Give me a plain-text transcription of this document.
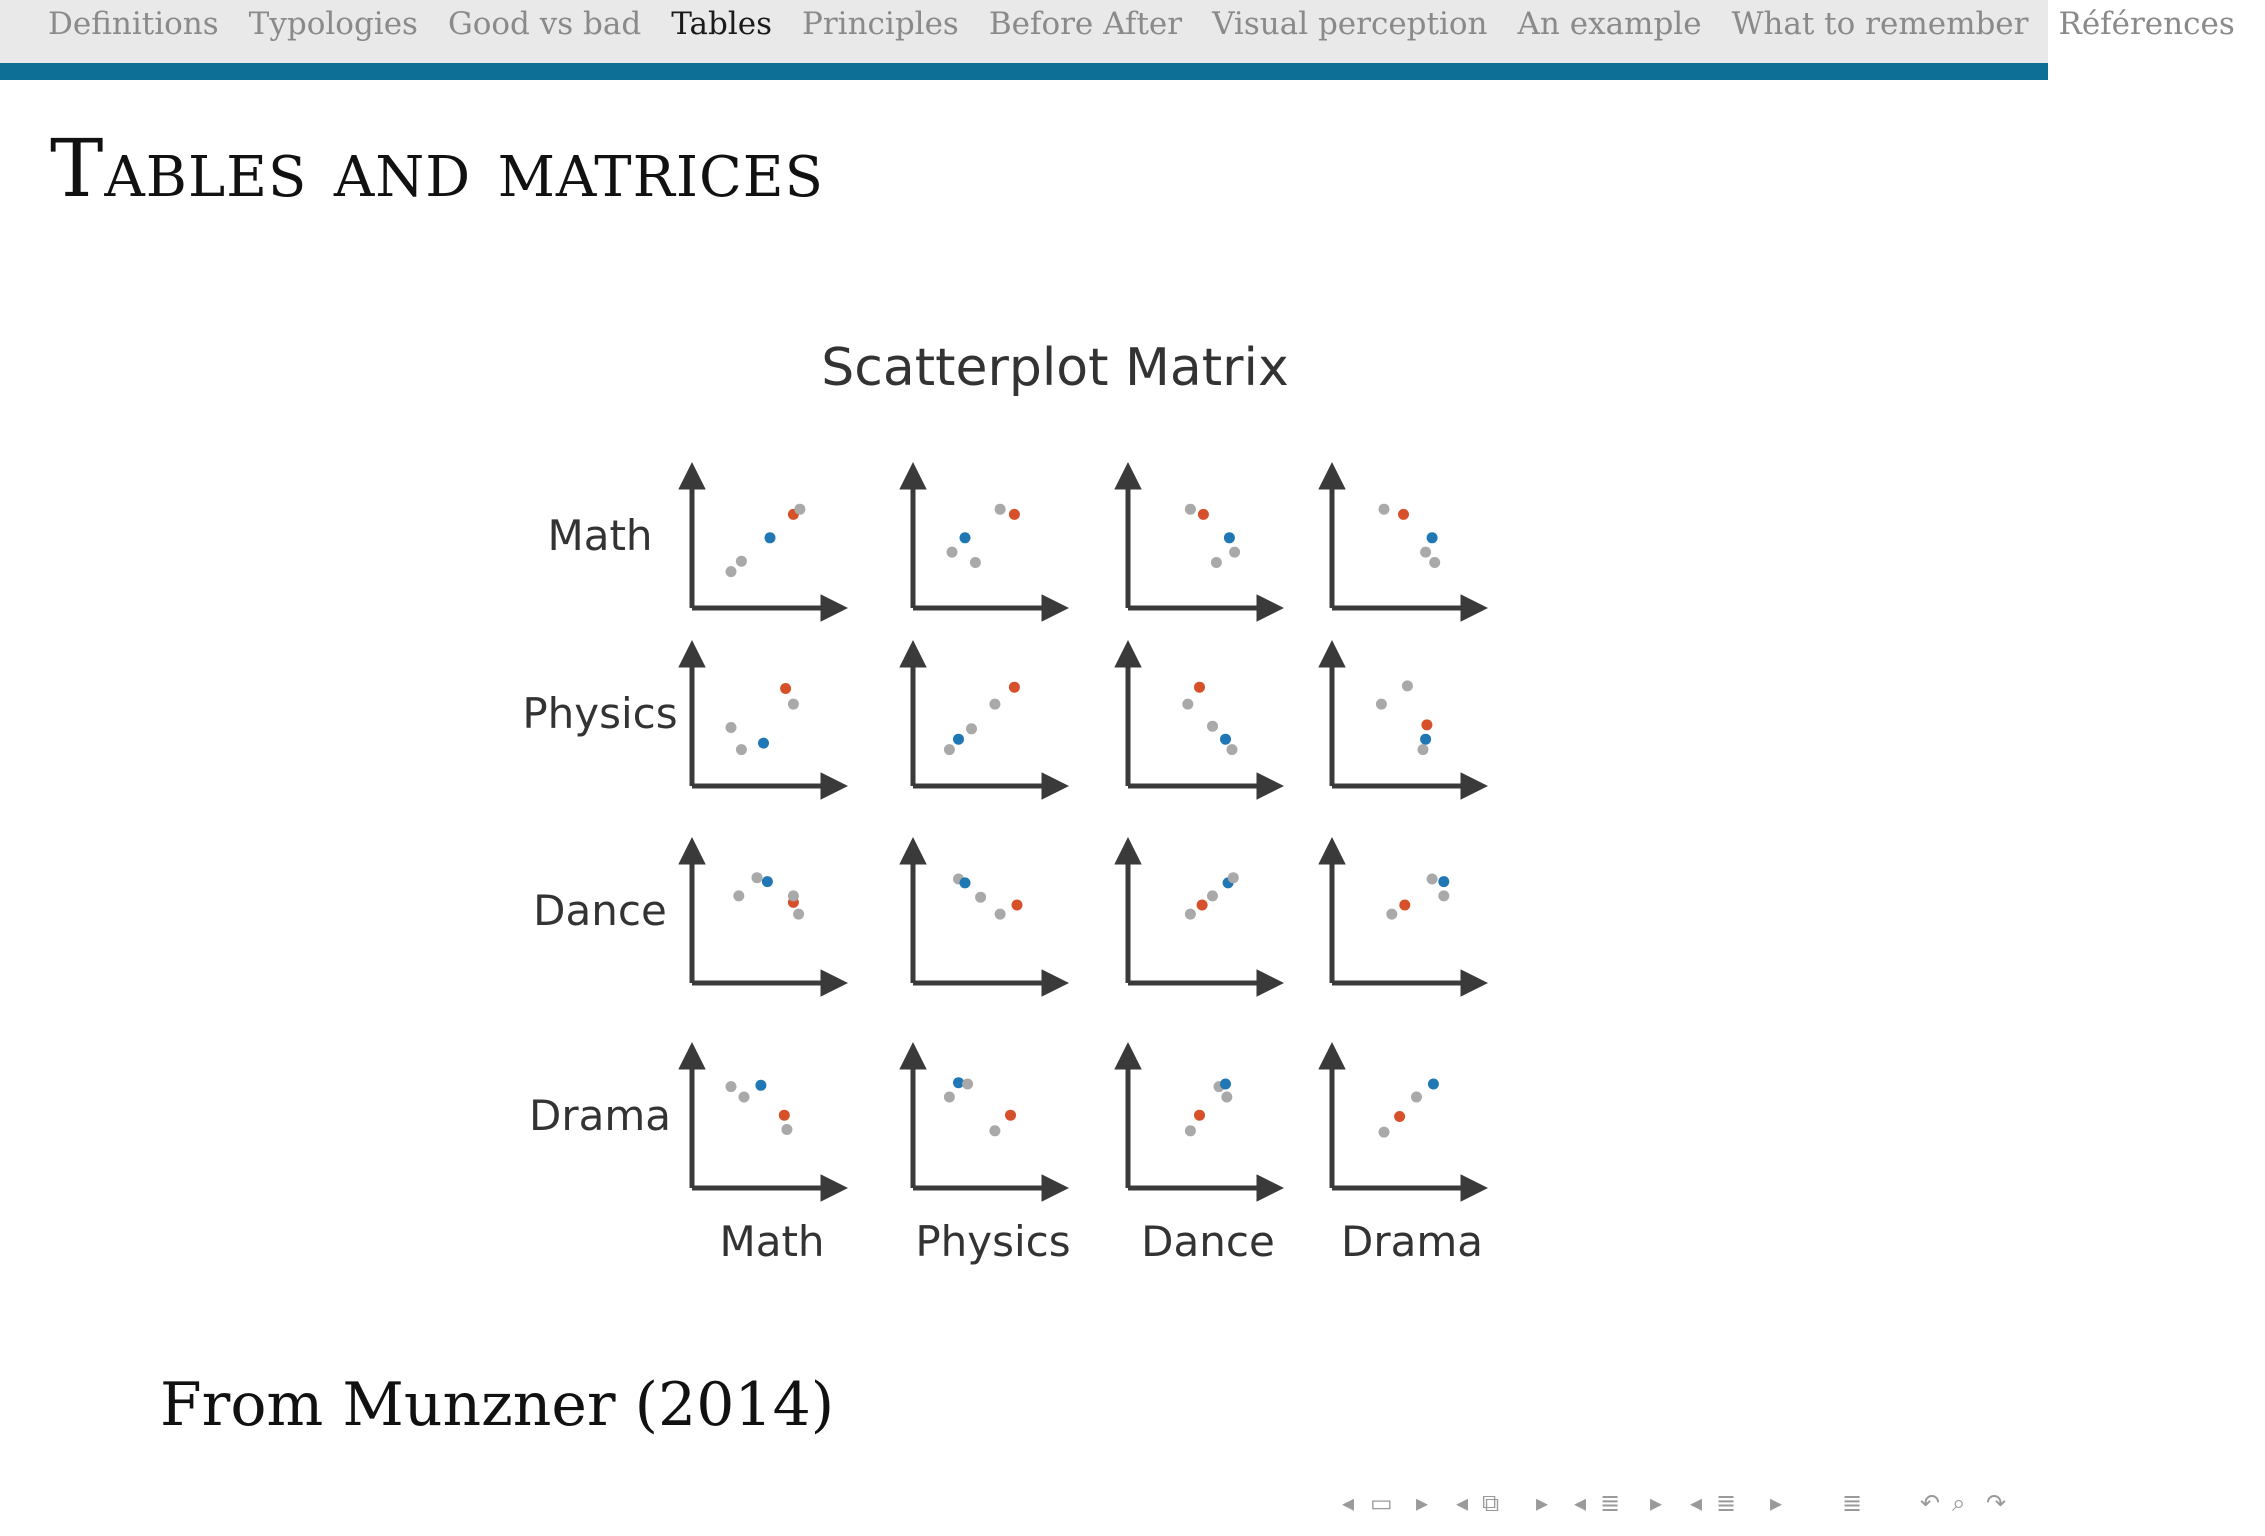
Definitions Typologies Good vs bad Tables Principles Before After Visual perception An example What to remember Références
Tables and matrices
Scatterplot Matrix
Math
Physics
Dance
Drama
Math Physics Dance Drama
From Munzner (2014)
◂ ▭ ▸ ◂ ⧉ ▸ ◂ ≣ ▸ ◂ ≣ ▸ ≣ ↶ ⌕ ↷
